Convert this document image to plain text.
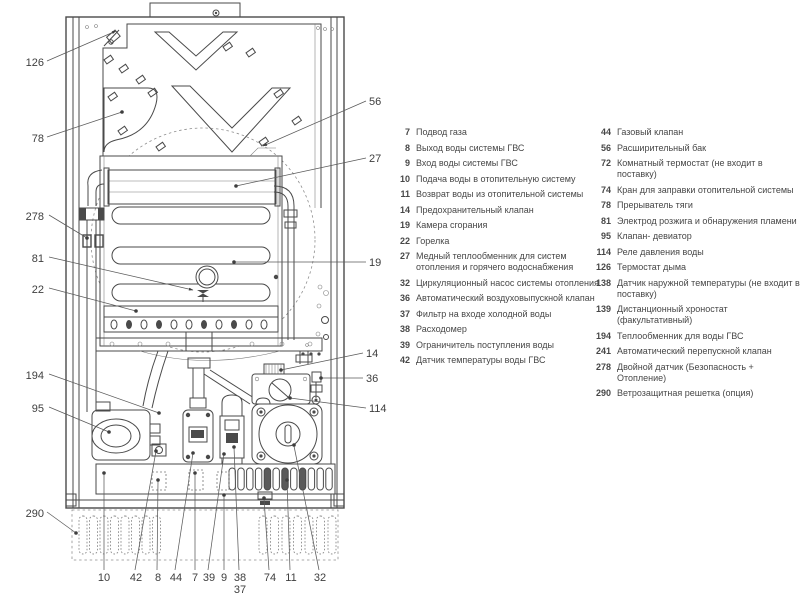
126
78
278
81
22
194
95
290
56
27
19
14
36
114
10 42 8 44 7 39 9 38
37
74 11 32
7 Подвод газа
8 Выход воды системы ГВС
9 Вход воды системы ГВС
10 Подача воды в отопительную систему
11 Возврат воды из отопительной системы
14 Предохранительный клапан
19 Камера сгорания
22 Горелка
27 Медный теплообменник для систем отопления и горячего водоснабжения
32 Циркуляционный насос системы отопления
36 Автоматический воздуховыпускной клапан
37 Фильтр на входе холодной воды
38 Расходомер
39 Ограничитель поступления воды
42 Датчик температуры воды ГВС
44 Газовый клапан
56 Расширительный бак
72 Комнатный термостат (не входит в поставку)
74 Кран для заправки отопительной системы
78 Прерыватель тяги
81 Электрод розжига и обнаружения пламени
95 Клапан- девиатор
114 Реле давления воды
126 Термостат дыма
138 Датчик наружной температуры (не входит в поставку)
139 Дистанционный хроностат (факультативный)
194 Теплообменник для воды ГВС
241 Автоматический перепускной клапан
278 Двойной датчик (Безопасность + Отопление)
290 Ветрозащитная решетка (опция)
